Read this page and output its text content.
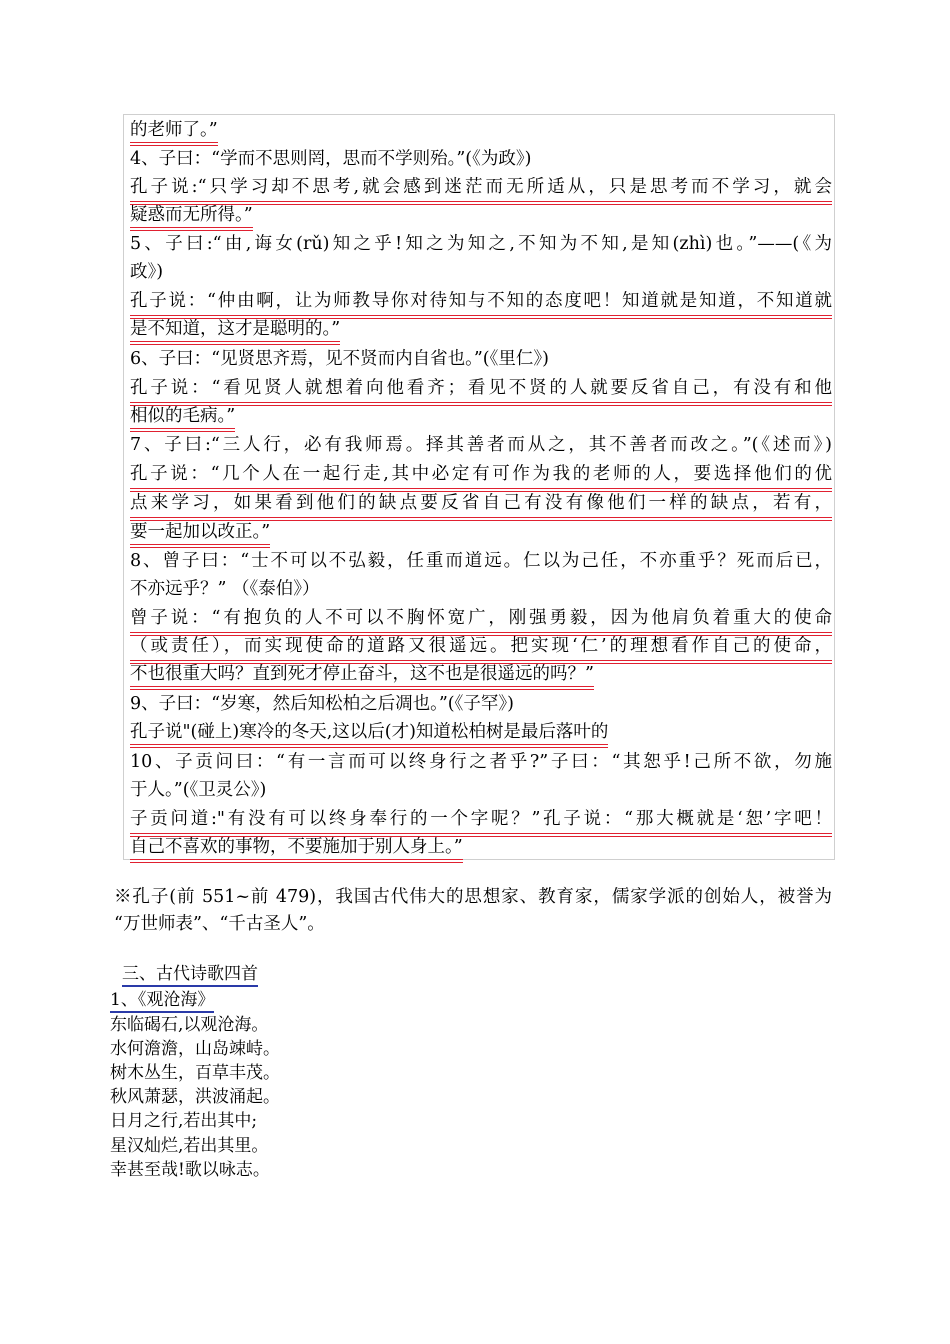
的老师了。”
4、子曰：“学而不思则罔，思而不学则殆。”(《为政》)
孔子说:“只学习却不思考,就会感到迷茫而无所适从，只是思考而不学习，就会
疑惑而无所得。”
5、子曰:“由,诲女(rǔ)知之乎!知之为知之,不知为不知,是知(zhì)也。”——(《为
政》)
孔子说：“仲由啊，让为师教导你对待知与不知的态度吧！知道就是知道，不知道就
是不知道，这才是聪明的。”
6、子曰：“见贤思齐焉，见不贤而内自省也。”(《里仁》)
孔子说：“看见贤人就想着向他看齐；看见不贤的人就要反省自己，有没有和他
相似的毛病。”
7、子曰:“三人行，必有我师焉。择其善者而从之，其不善者而改之。”(《述而》)
孔子说：“几个人在一起行走,其中必定有可作为我的老师的人，要选择他们的优
点来学习，如果看到他们的缺点要反省自己有没有像他们一样的缺点，若有，
要一起加以改正。”
8、曾子曰：“士不可以不弘毅，任重而道远。仁以为己任，不亦重乎？死而后已，
不亦远乎？” （《泰伯》）
曾子说：“有抱负的人不可以不胸怀宽广，刚强勇毅，因为他肩负着重大的使命
（或责任），而实现使命的道路又很遥远。把实现‘仁’的理想看作自己的使命，
不也很重大吗？直到死才停止奋斗，这不也是很遥远的吗？”
9、子曰：“岁寒，然后知松柏之后凋也。”(《子罕》)
孔子说"(碰上)寒冷的冬天,这以后(才)知道松柏树是最后落叶的
10、子贡问曰：“有一言而可以终身行之者乎?”子曰：“其恕乎!己所不欲，勿施
于人。”(《卫灵公》)
子贡问道:"有没有可以终身奉行的一个字呢？”孔子说：“那大概就是‘恕’字吧！
自己不喜欢的事物，不要施加于别人身上。”
※孔子(前 551~前 479)，我国古代伟大的思想家、教育家，儒家学派的创始人，被誉为
“万世师表”、“千古圣人”。
三、古代诗歌四首
1、《观沧海》
东临碣石,以观沧海。
水何澹澹，山岛竦峙。
树木丛生，百草丰茂。
秋风萧瑟，洪波涌起。
日月之行,若出其中;
星汉灿烂,若出其里。
幸甚至哉!歌以咏志。
